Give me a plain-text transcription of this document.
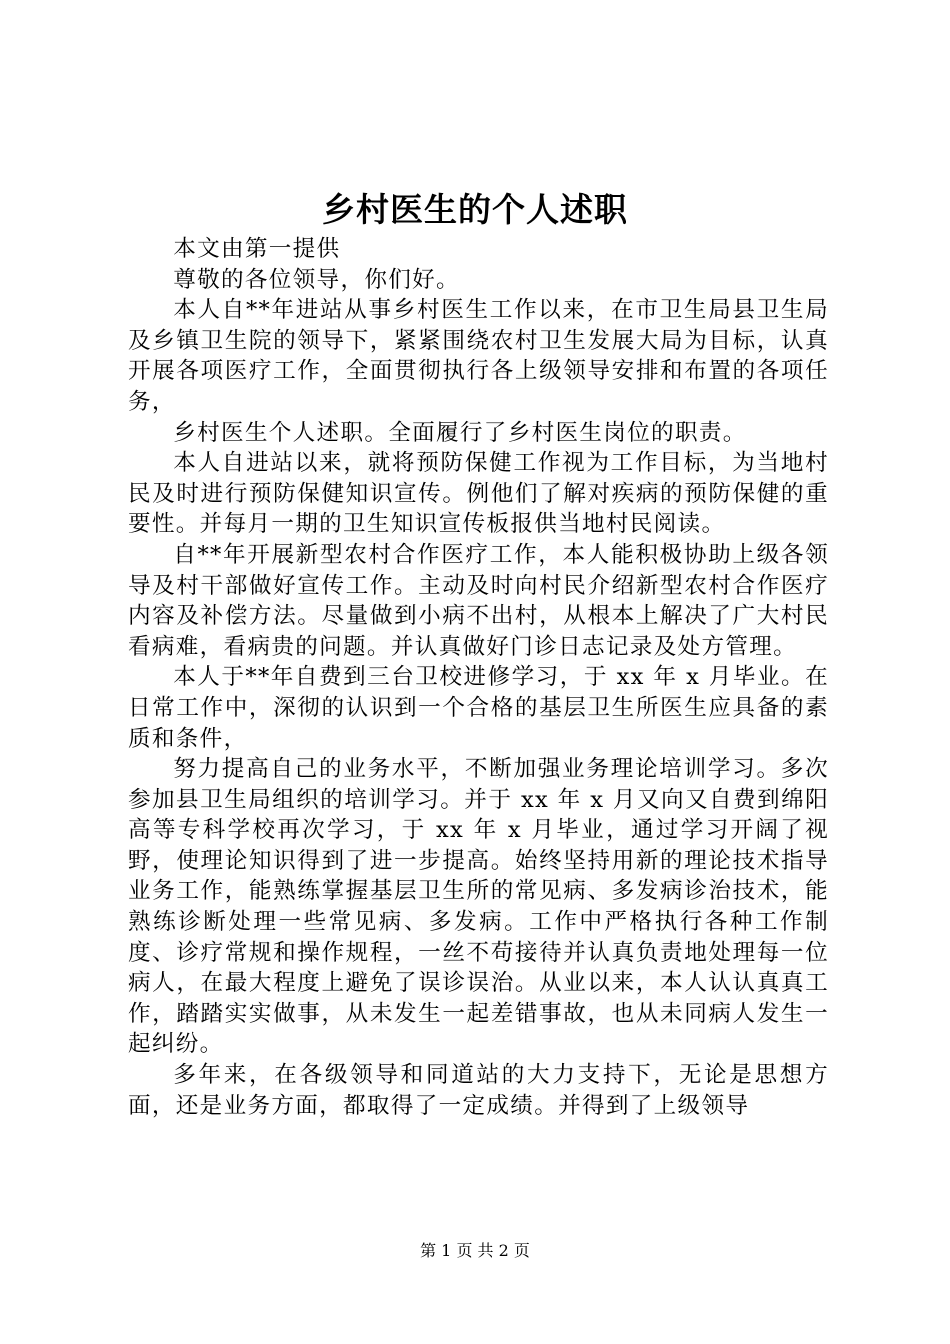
乡村医生的个人述职

本文由第一提供

尊敬的各位领导，你们好。

本人自**年进站从事乡村医生工作以来，在市卫生局县卫生局及乡镇卫生院的领导下，紧紧围绕农村卫生发展大局为目标，认真开展各项医疗工作，全面贯彻执行各上级领导安排和布置的各项任务，

乡村医生个人述职。全面履行了乡村医生岗位的职责。

本人自进站以来，就将预防保健工作视为工作目标，为当地村民及时进行预防保健知识宣传。例他们了解对疾病的预防保健的重要性。并每月一期的卫生知识宣传板报供当地村民阅读。

自**年开展新型农村合作医疗工作，本人能积极协助上级各领导及村干部做好宣传工作。主动及时向村民介绍新型农村合作医疗内容及补偿方法。尽量做到小病不出村，从根本上解决了广大村民看病难，看病贵的问题。并认真做好门诊日志记录及处方管理。

本人于**年自费到三台卫校进修学习，于 xx 年 x 月毕业。在日常工作中，深彻的认识到一个合格的基层卫生所医生应具备的素质和条件，

努力提高自己的业务水平，不断加强业务理论培训学习。多次参加县卫生局组织的培训学习。并于 xx 年 x 月又向又自费到绵阳高等专科学校再次学习，于 xx 年 x 月毕业，通过学习开阔了视野，使理论知识得到了进一步提高。始终坚持用新的理论技术指导业务工作，能熟练掌握基层卫生所的常见病、多发病诊治技术，能熟练诊断处理一些常见病、多发病。工作中严格执行各种工作制度、诊疗常规和操作规程，一丝不苟接待并认真负责地处理每一位病人，在最大程度上避免了误诊误治。从业以来，本人认认真真工作，踏踏实实做事，从未发生一起差错事故，也从未同病人发生一起纠纷。

多年来，在各级领导和同道站的大力支持下，无论是思想方面，还是业务方面，都取得了一定成绩。并得到了上级领导

第 1 页 共 2 页
